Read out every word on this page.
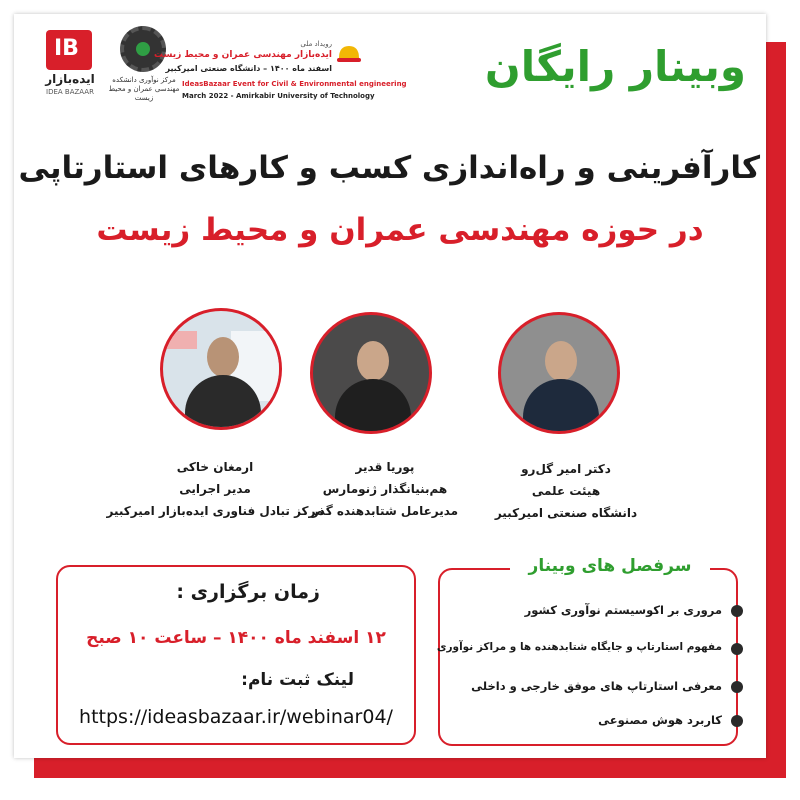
IB
ایده‌بازار
IDEA BAZAAR
مرکز نوآوری دانشکده مهندسی عمران و محیط زیست
رویداد ملی
ایده‌بازار مهندسی عمران و محیط زیست
اسفند ماه ۱۴۰۰ – دانشگاه صنعتی امیرکبیر
IdeasBazaar Event for Civil & Environmental engineering
March 2022 - Amirkabir University of Technology
وبینار رایگان
کارآفرینی و راه‌اندازی کسب و کارهای استارتاپی
در حوزه مهندسی عمران و محیط زیست
ارمغان خاکی
مدیر اجرایی
مرکز تبادل فناوری ایده‌بازار امیرکبیر
پوریا قدیر
هم‌بنیانگذار ژنومارس
مدیرعامل شتابدهنده گذر
دکتر امیر گل‌رو
هیئت علمی
دانشگاه صنعتی امیرکبیر
زمان برگزاری :
۱۲ اسفند ماه ۱۴۰۰ – ساعت ۱۰ صبح
لینک ثبت نام:
https://ideasbazaar.ir/webinar04/
سرفصل های وبینار
مروری بر اکوسیستم نوآوری کشور
مفهوم استارتاپ و جایگاه شتابدهنده ها و مراکز نوآوری
معرفی استارتاپ های موفق خارجی و داخلی
کاربرد هوش مصنوعی
